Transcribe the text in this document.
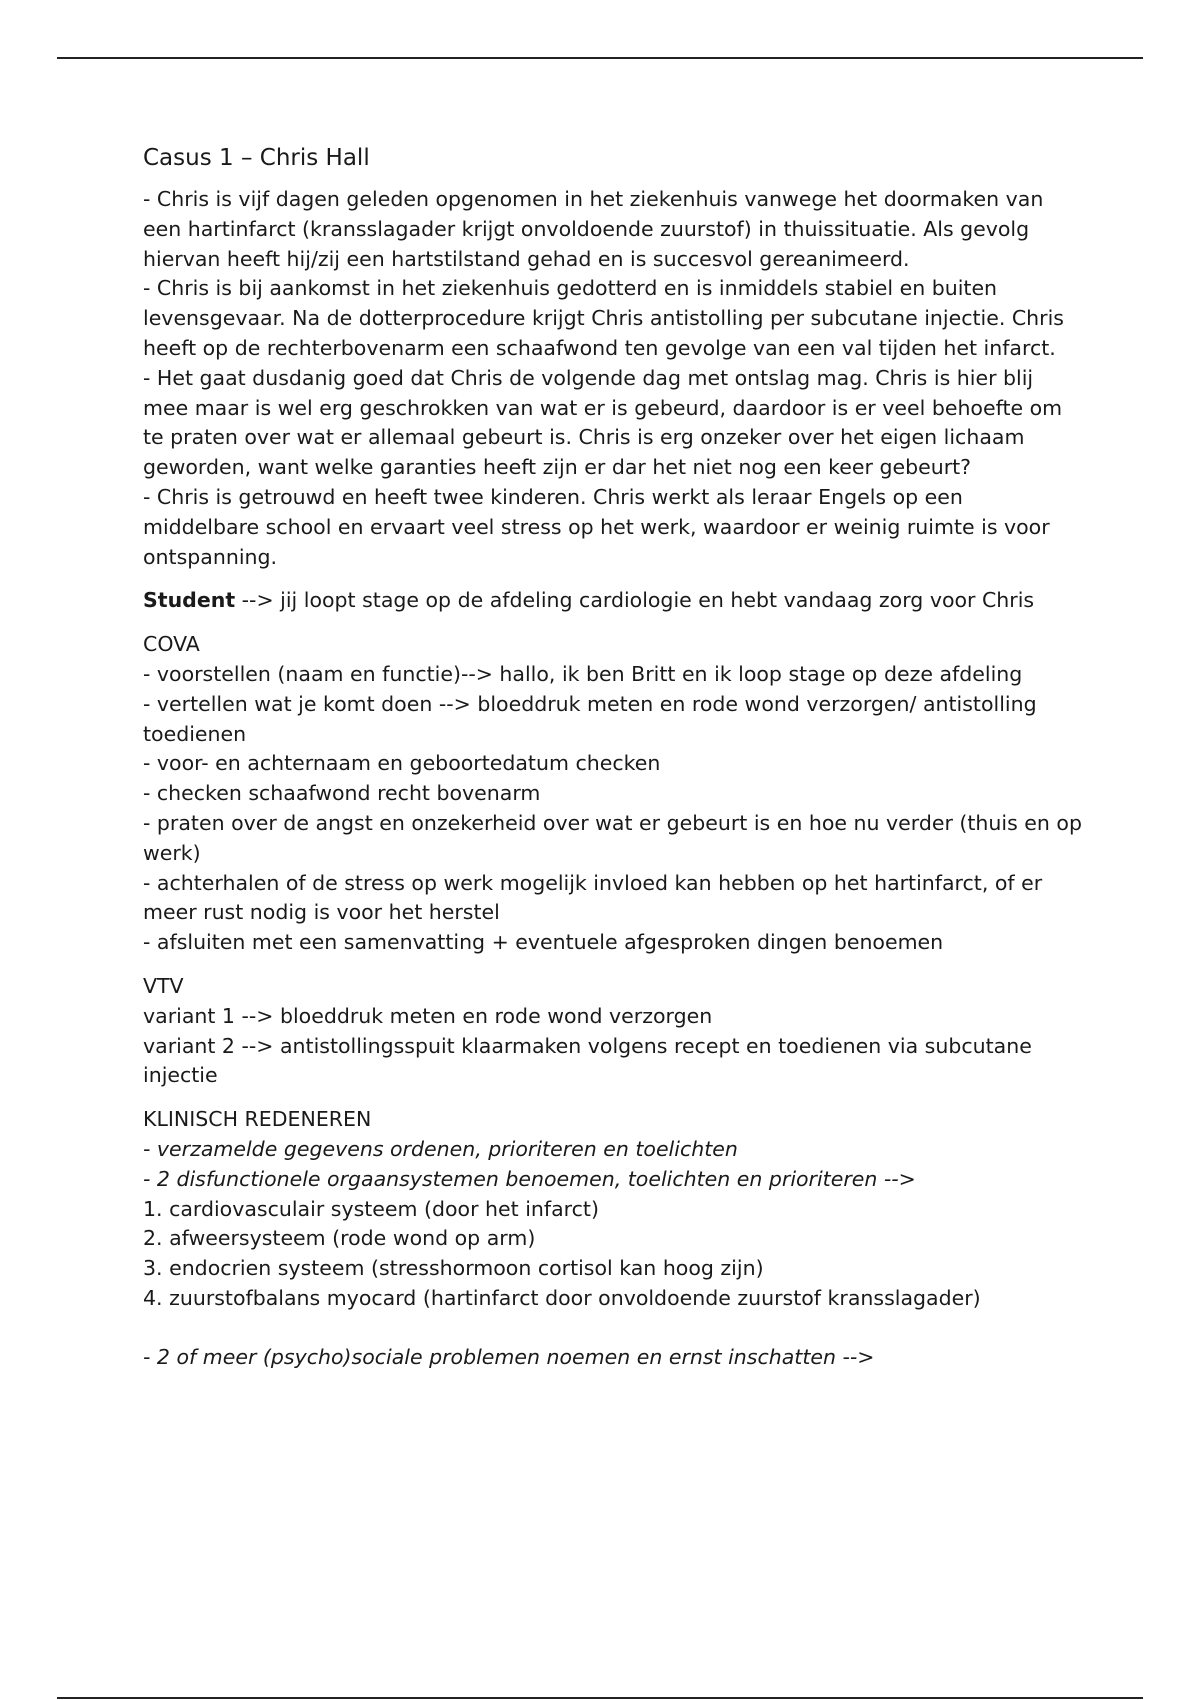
Casus 1 – Chris Hall
- Chris is vijf dagen geleden opgenomen in het ziekenhuis vanwege het doormaken van een hartinfarct (kransslagader krijgt onvoldoende zuurstof) in thuissituatie. Als gevolg hiervan heeft hij/zij een hartstilstand gehad en is succesvol gereanimeerd.
- Chris is bij aankomst in het ziekenhuis gedotterd en is inmiddels stabiel en buiten levensgevaar. Na de dotterprocedure krijgt Chris antistolling per subcutane injectie. Chris heeft op de rechterbovenarm een schaafwond ten gevolge van een val tijden het infarct.
- Het gaat dusdanig goed dat Chris de volgende dag met ontslag mag. Chris is hier blij mee maar is wel erg geschrokken van wat er is gebeurd, daardoor is er veel behoefte om te praten over wat er allemaal gebeurt is. Chris is erg onzeker over het eigen lichaam geworden, want welke garanties heeft zijn er dar het niet nog een keer gebeurt?
- Chris is getrouwd en heeft twee kinderen. Chris werkt als leraar Engels op een middelbare school en ervaart veel stress op het werk, waardoor er weinig ruimte is voor ontspanning.
Student --> jij loopt stage op de afdeling cardiologie en hebt vandaag zorg voor Chris
COVA
- voorstellen (naam en functie)--> hallo, ik ben Britt en ik loop stage op deze afdeling
- vertellen wat je komt doen --> bloeddruk meten en rode wond verzorgen/ antistolling toedienen
- voor- en achternaam en geboortedatum checken
- checken schaafwond recht bovenarm
- praten over de angst en onzekerheid over wat er gebeurt is en hoe nu verder (thuis en op werk)
- achterhalen of de stress op werk mogelijk invloed kan hebben op het hartinfarct, of er meer rust nodig is voor het herstel
- afsluiten met een samenvatting + eventuele afgesproken dingen benoemen
VTV
variant 1 --> bloeddruk meten en rode wond verzorgen
variant 2 --> antistollingsspuit klaarmaken volgens recept en toedienen via subcutane injectie
KLINISCH REDENEREN
- verzamelde gegevens ordenen, prioriteren en toelichten
- 2 disfunctionele orgaansystemen benoemen, toelichten en prioriteren -->
1. cardiovasculair systeem (door het infarct)
2. afweersysteem (rode wond op arm)
3. endocrien systeem (stresshormoon cortisol kan hoog zijn)
4. zuurstofbalans myocard (hartinfarct door onvoldoende zuurstof kransslagader)
- 2 of meer (psycho)sociale problemen noemen en ernst inschatten -->
